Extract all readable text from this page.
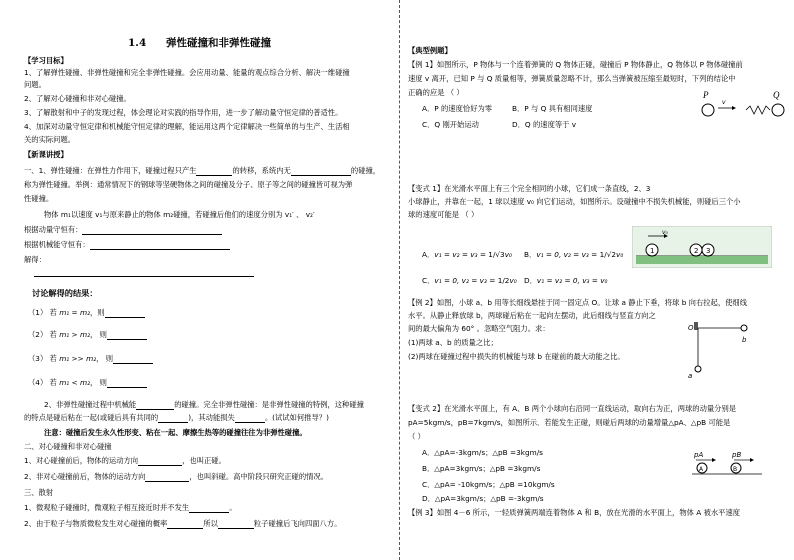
1.4 弹性碰撞和非弹性碰撞
【学习目标】
1、了解弹性碰撞、非弹性碰撞和完全非弹性碰撞。会应用动量、能量的观点综合分析、解决一维碰撞
问题。
2、了解对心碰撞和非对心碰撞。
3、了解散射和中子的发现过程，体会理论对实践的指导作用，进一步了解动量守恒定律的普适性。
4、加深对动量守恒定律和机械能守恒定律的理解，能运用这两个定律解决一些简单的与生产、生活相
关的实际问题。
【新课讲授】
一、1、弹性碰撞：在弹性力作用下，碰撞过程只产生	的转移，系统内无	的碰撞，
称为弹性碰撞。举例：通常情况下的钢球等坚硬物体之间的碰撞及分子、原子等之间的碰撞皆可视为弹
性碰撞。
物体 m₁以速度 v₁与原来静止的物体 m₂碰撞，若碰撞后他们的速度分别为 v₁′ 、 v₂′
根据动量守恒有：
根据机械能守恒有：
解得：
讨论解得的结果：
（1） 若 m₁ = m₂，则
（2） 若 m₁ > m₂， 则
（3） 若 m₁ >> m₂， 则
（4） 若 m₁ < m₂， 则
2、非弹性碰撞过程中机械能	的碰撞。完全非弹性碰撞：是非弹性碰撞的特例，这种碰撞
的特点是碰后粘在一起(或碰后具有共同的	)，其动能损失	。(试试如何推导？)
注意：碰撞后发生永久性形变、粘在一起、摩擦生热等的碰撞往往为非弹性碰撞。
二、对心碰撞和非对心碰撞
1、对心碰撞前后，物体的运动方向	，也叫正碰。
2、非对心碰撞前后，物体的运动方向	，也叫斜碰。高中阶段只研究正碰的情况。
三、散射
1、微观粒子碰撞时，微观粒子相互接近时并不发生	。
2、由于粒子与物质微粒发生对心碰撞的概率	所以	粒子碰撞后飞向四面八方。
【典型例题】
【例 1】如图所示，P 物体与一个连着弹簧的 Q 物体正碰，碰撞后 P 物体静止，Q 物体以 P 物体碰撞前
速度 v 离开，已知 P 与 Q 质量相等，弹簧质量忽略不计，那么当弹簧被压缩至最短时，下列的结论中
正确的应是 （ ）
A．P 的速度恰好为零	B．P 与 Q 具有相同速度
C．Q 刚开始运动	D．Q 的速度等于 v
P
v
Q
【变式 1】在光滑水平面上有三个完全相同的小球，它们成一条直线，2、3
小球静止，并靠在一起，1 球以速度 v₀ 向它们运动，如图所示。设碰撞中不损失机械能，则碰后三个小
球的速度可能是 （ ）
v₀
1	2 3
A．v₁ = v₂ = v₃ = 1/√3v₀ B．v₁ = 0, v₂ = v₃ = 1/√2v₀
C．v₁ = 0, v₂ = v₃ = 1/2v₀ D．v₁ = v₂ = 0, v₃ = v₀
【例 2】如图，小球 a、b 用等长细线悬挂于同一固定点 O。让球 a 静止下垂，将球 b 向右拉起，使细线
水平。从静止释放球 b，两球碰后粘在一起向左摆动，此后细线与竖直方向之
间的最大偏角为 60° 。忽略空气阻力。求：
(1)两球 a、b 的质量之比；
(2)两球在碰撞过程中损失的机械能与球 b 在碰前的最大动能之比。
O
b
a
【变式 2】在光滑水平面上，有 A、B 两个小球向右沿同一直线运动，取向右为正，两球的动量分别是
pA=5kgm/s，pB=7kgm/s，如图所示．若能发生正碰，则碰后两球的动量增量△pA、△pB 可能是
（ ）
A．△pA=-3kgm/s；△pB =3kgm/s
B．△pA=3kgm/s；△pB =3kgm/s
C．△pA= -10kgm/s；△pB =10kgm/s
D．△pA=3kgm/s；△pB =-3kgm/s
pA	pB
A	B
【例 3】如图 4－6 所示，一轻质弹簧两端连着物体 A 和 B，放在光滑的水平面上，物体 A 被水平速度
